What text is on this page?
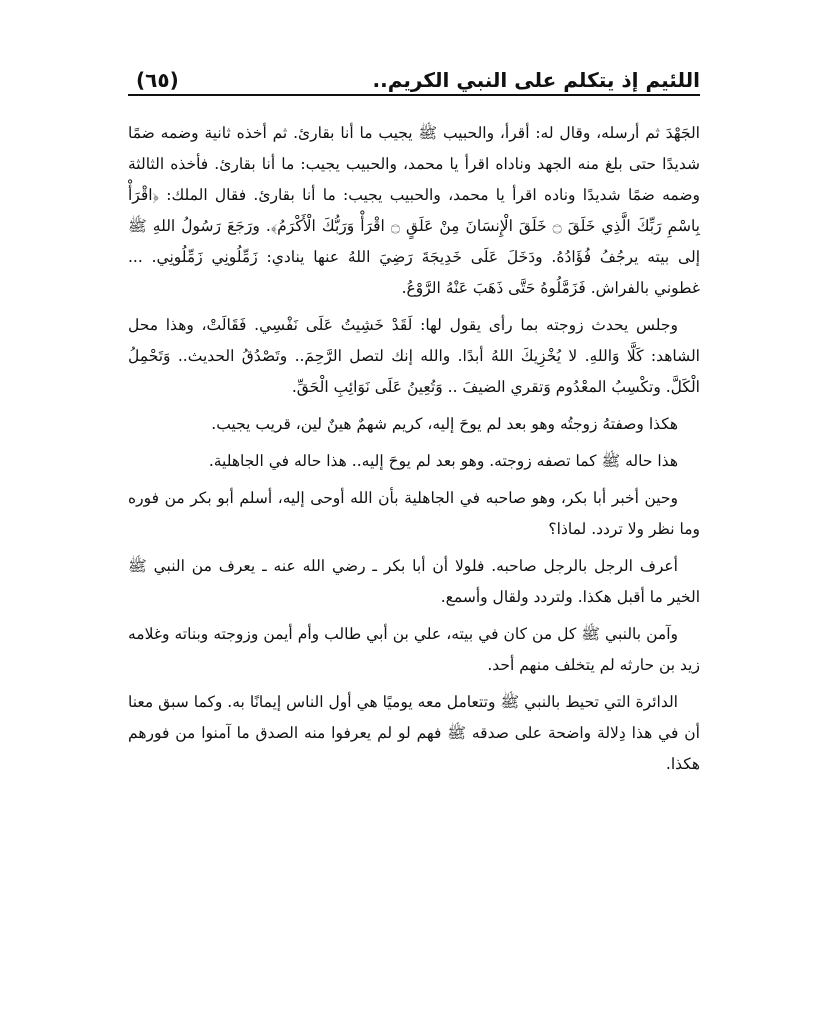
اللئيم إذ يتكلم على النبي الكريم..
(٦٥)

الجَهْدَ ثم أرسله، وقال له: أقرأ، والحبيب ﷺ يجيب ما أنا بقارئ. ثم أخذه ثانية وضمه ضمًا شديدًا حتى بلغ منه الجهد وناداه اقرأ يا محمد، والحبيب يجيب: ما أنا بقارئ. فأخذه الثالثة وضمه ضمًا شديدًا وناده اقرأ يا محمد، والحبيب يجيب: ما أنا بقارئ. فقال الملك: ﴿اقْرَأْ بِاسْمِ رَبِّكَ الَّذِي خَلَقَ ۝ خَلَقَ الْإِنسَانَ مِنْ عَلَقٍ ۝ اقْرَأْ وَرَبُّكَ الْأَكْرَمُ﴾. ورَجَعَ رَسُولُ اللهِ ﷺ إلى بيته يرجُفُ فُؤَادُهُ. ودَخَلَ عَلَى خَدِيجَةَ رَضِيَ اللهُ عنها ينادي: زَمِّلُونِي زَمِّلُونِي. ... غطوني بالفراش. فَزَمَّلُوهُ حَتَّى ذَهَبَ عَنْهُ الرَّوْعُ.

وجلس يحدث زوجته بما رأى يقول لها: لَقَدْ خَشِيتُ عَلَى نَفْسِي. فَقَالَتْ، وهذا محل الشاهد: كَلَّا وَاللهِ. لا يُخْزِيكَ اللهُ أبدًا. والله إنك لتصل الرَّحِمَ.. وتَصْدُقُ الحديث.. وَتَحْمِلُ الْكَلَّ. وتكْسِبُ المعْدُوم وَتقري الضيفَ .. وَتُعِينُ عَلَى نَوَائِبِ الْحَقِّ.

هكذا وصفتهُ زوجتُه وهو بعد لم يوحَ إليه، كريم شهمٌ هينٌ لين، قريب يجيب.

هذا حاله ﷺ كما تصفه زوجته. وهو بعد لم يوحَ إليه.. هذا حاله في الجاهلية.

وحين أخبر أبا بكر، وهو صاحبه في الجاهلية بأن الله أوحى إليه، أسلم أبو بكر من فوره وما نظر ولا تردد. لماذا؟

أعرف الرجل بالرجل صاحبه. فلولا أن أبا بكر ـ رضي الله عنه ـ يعرف من النبي ﷺ الخير ما أقبل هكذا. ولتردد ولقال وأسمع.

وآمن بالنبي ﷺ كل من كان في بيته، علي بن أبي طالب وأم أيمن وزوجته وبناته وغلامه زيد بن حارثه لم يتخلف منهم أحد.

الدائرة التي تحيط بالنبي ﷺ وتتعامل معه يوميًا هي أول الناس إيمانًا به. وكما سبق معنا أن في هذا دِلالة واضحة على صدقه ﷺ فهم لو لم يعرفوا منه الصدق ما آمنوا من فورهم هكذا.
